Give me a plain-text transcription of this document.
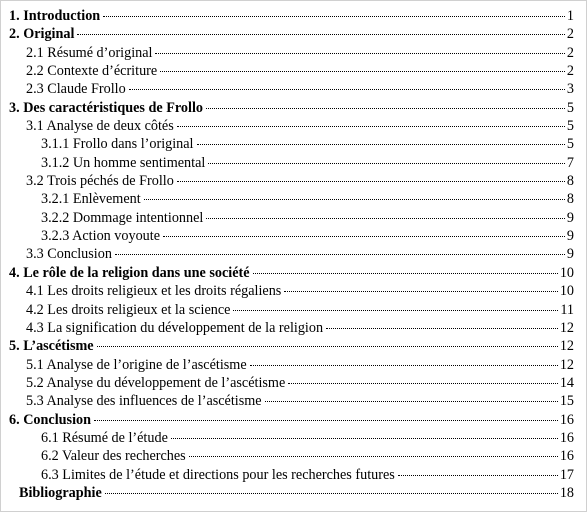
1. Introduction	1
2. Original	2
2.1 Résumé d’original	2
2.2 Contexte d’écriture	2
2.3 Claude Frollo	3
3. Des caractéristiques de Frollo	5
3.1 Analyse de deux côtés	5
3.1.1 Frollo dans l’original	5
3.1.2 Un homme sentimental	7
3.2 Trois péchés de Frollo	8
3.2.1 Enlèvement	8
3.2.2 Dommage intentionnel	9
3.2.3 Action voyoute	9
3.3 Conclusion	9
4. Le rôle de la religion dans une société	10
4.1 Les droits religieux et les droits régaliens	10
4.2 Les droits religieux et la science	11
4.3 La signification du développement de la religion	12
5. L’ascétisme	12
5.1 Analyse de l’origine de l’ascétisme	12
5.2 Analyse du développement de l’ascétisme	14
5.3 Analyse des influences de l’ascétisme	15
6. Conclusion	16
6.1 Résumé de l’étude	16
6.2 Valeur des recherches	16
6.3 Limites de l’étude et directions pour les recherches futures	17
Bibliographie	18
